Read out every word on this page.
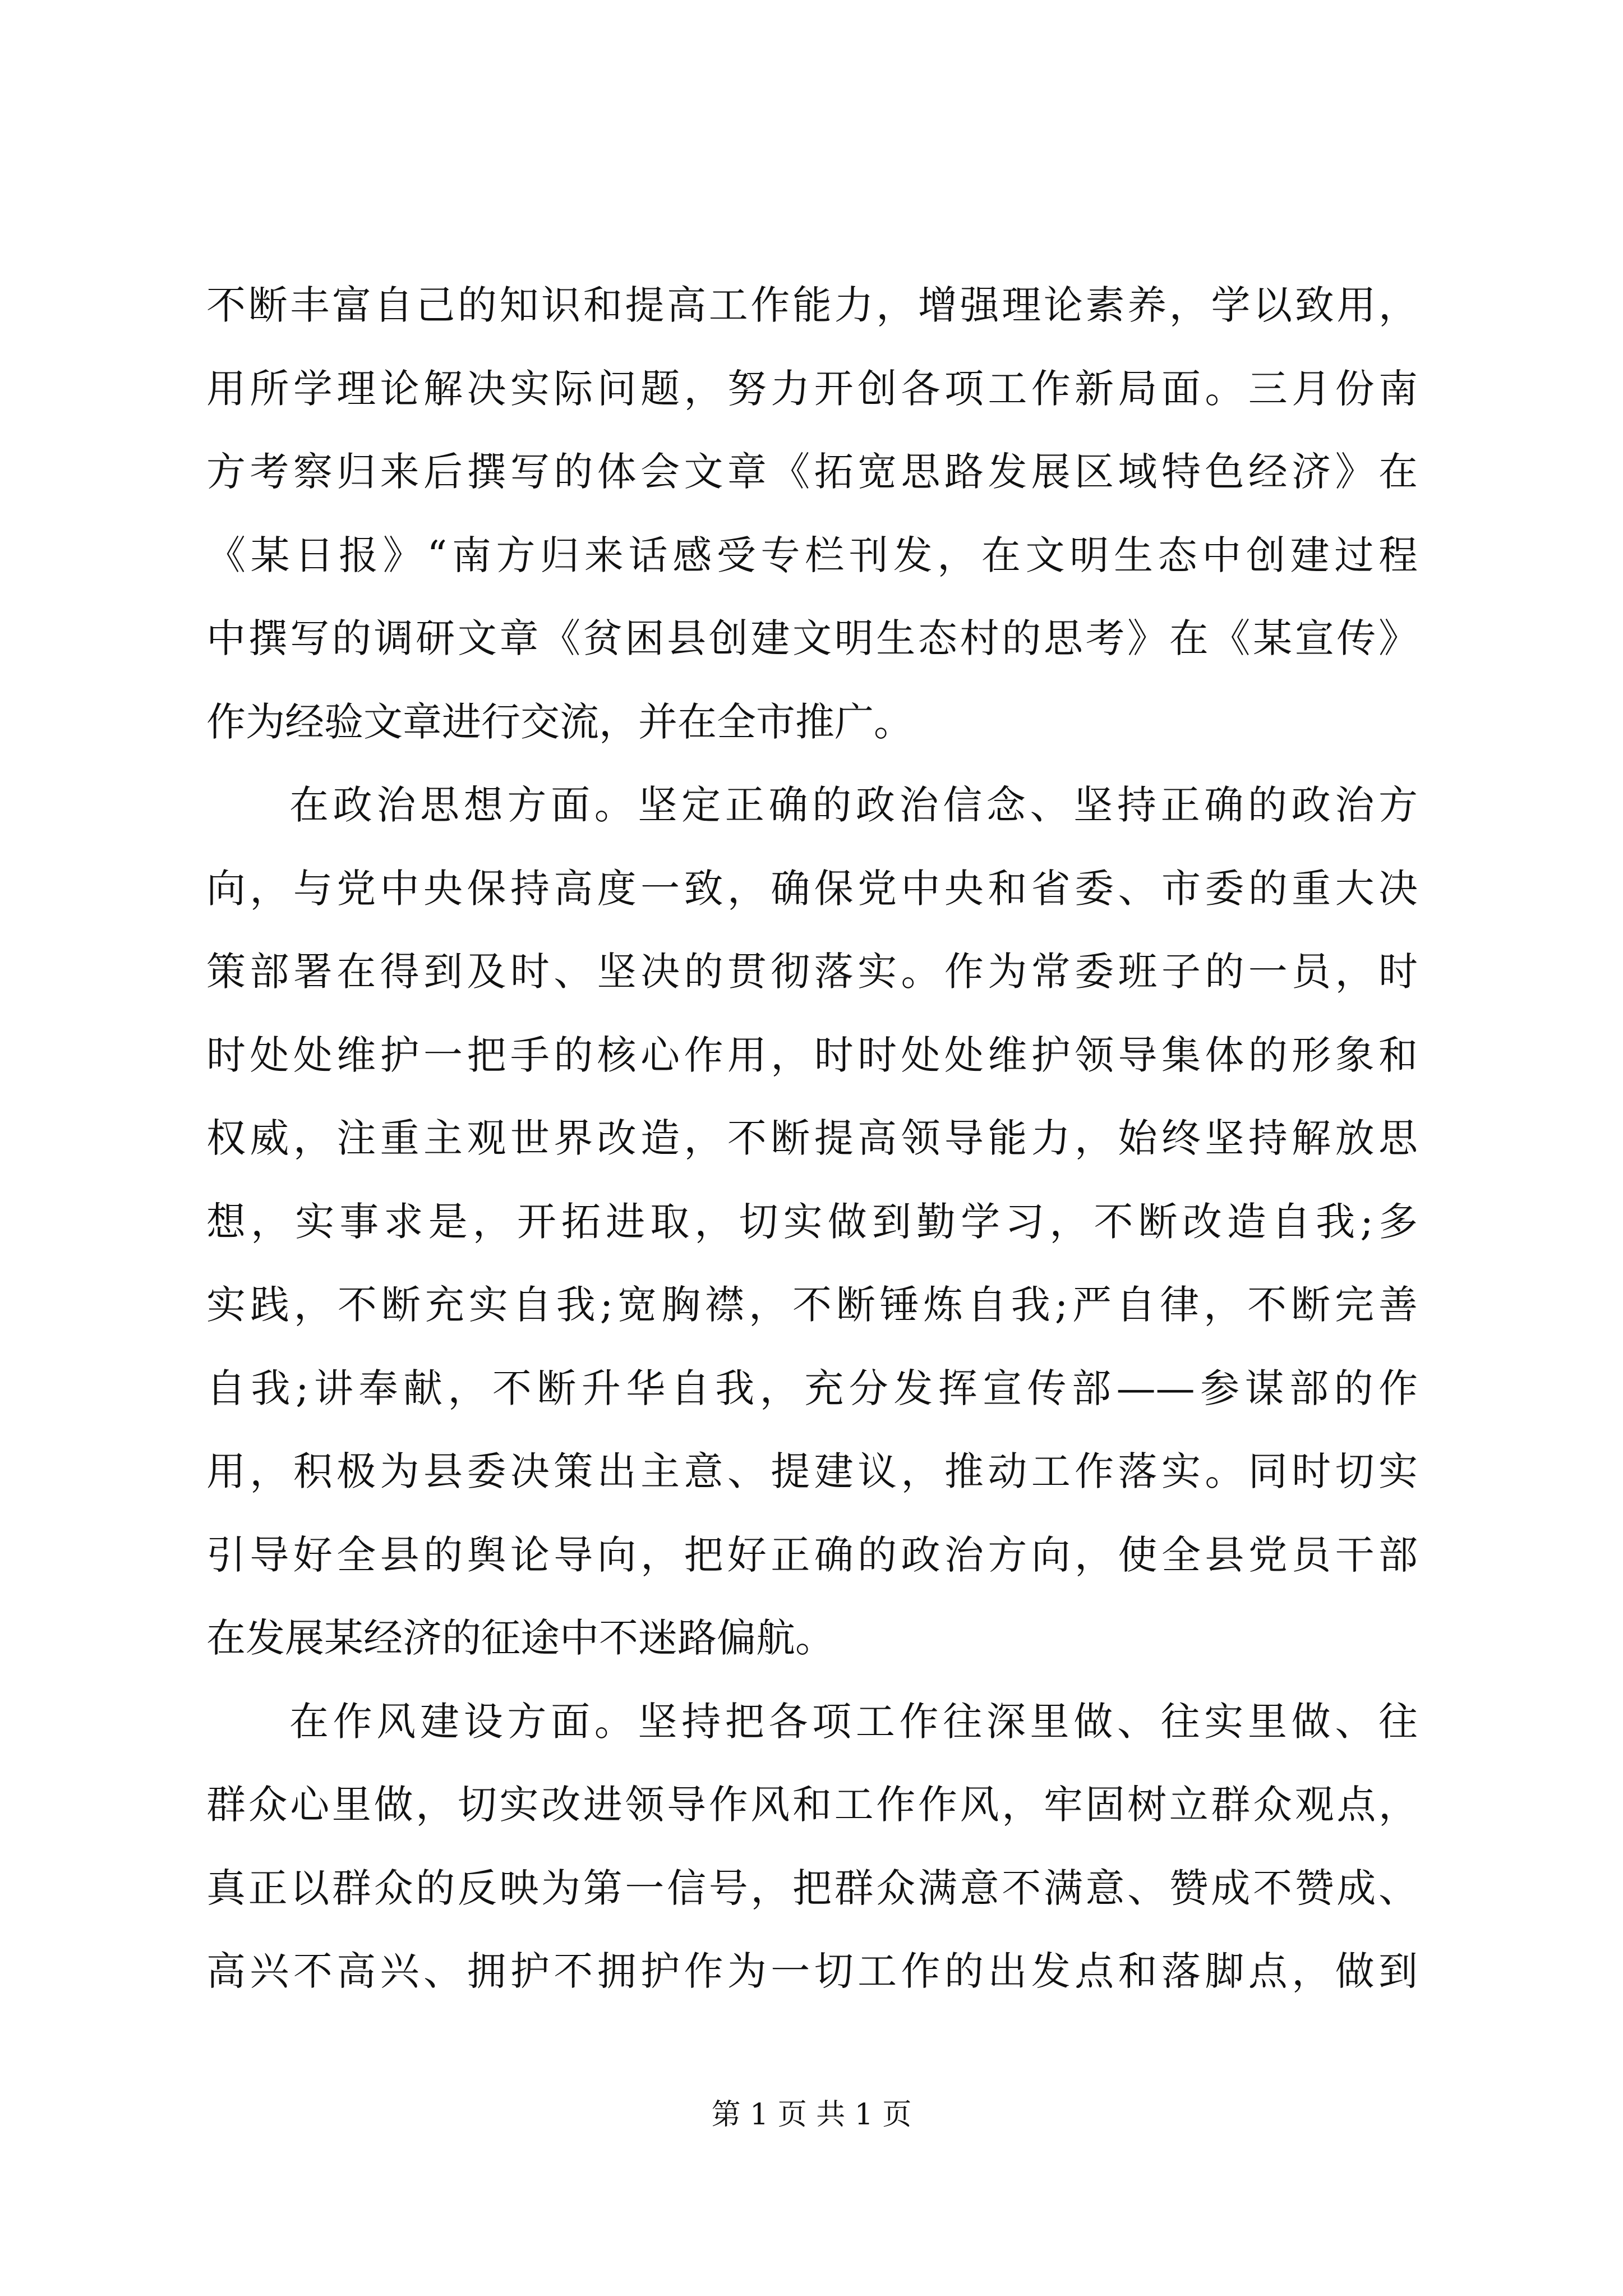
不断丰富自己的知识和提高工作能力，增强理论素养，学以致用，
用所学理论解决实际问题，努力开创各项工作新局面。三月份南
方考察归来后撰写的体会文章《拓宽思路发展区域特色经济》在
《某日报》“南方归来话感受专栏刊发，在文明生态中创建过程
中撰写的调研文章《贫困县创建文明生态村的思考》在《某宣传》
作为经验文章进行交流，并在全市推广。
在政治思想方面。坚定正确的政治信念、坚持正确的政治方
向，与党中央保持高度一致，确保党中央和省委、市委的重大决
策部署在得到及时、坚决的贯彻落实。作为常委班子的一员，时
时处处维护一把手的核心作用，时时处处维护领导集体的形象和
权威，注重主观世界改造，不断提高领导能力，始终坚持解放思
想，实事求是，开拓进取，切实做到勤学习，不断改造自我;多
实践，不断充实自我;宽胸襟，不断锤炼自我;严自律，不断完善
自我;讲奉献，不断升华自我，充分发挥宣传部——参谋部的作
用，积极为县委决策出主意、提建议，推动工作落实。同时切实
引导好全县的舆论导向，把好正确的政治方向，使全县党员干部
在发展某经济的征途中不迷路偏航。
在作风建设方面。坚持把各项工作往深里做、往实里做、往
群众心里做，切实改进领导作风和工作作风，牢固树立群众观点，
真正以群众的反映为第一信号，把群众满意不满意、赞成不赞成、
高兴不高兴、拥护不拥护作为一切工作的出发点和落脚点，做到
第 1 页 共 1 页
